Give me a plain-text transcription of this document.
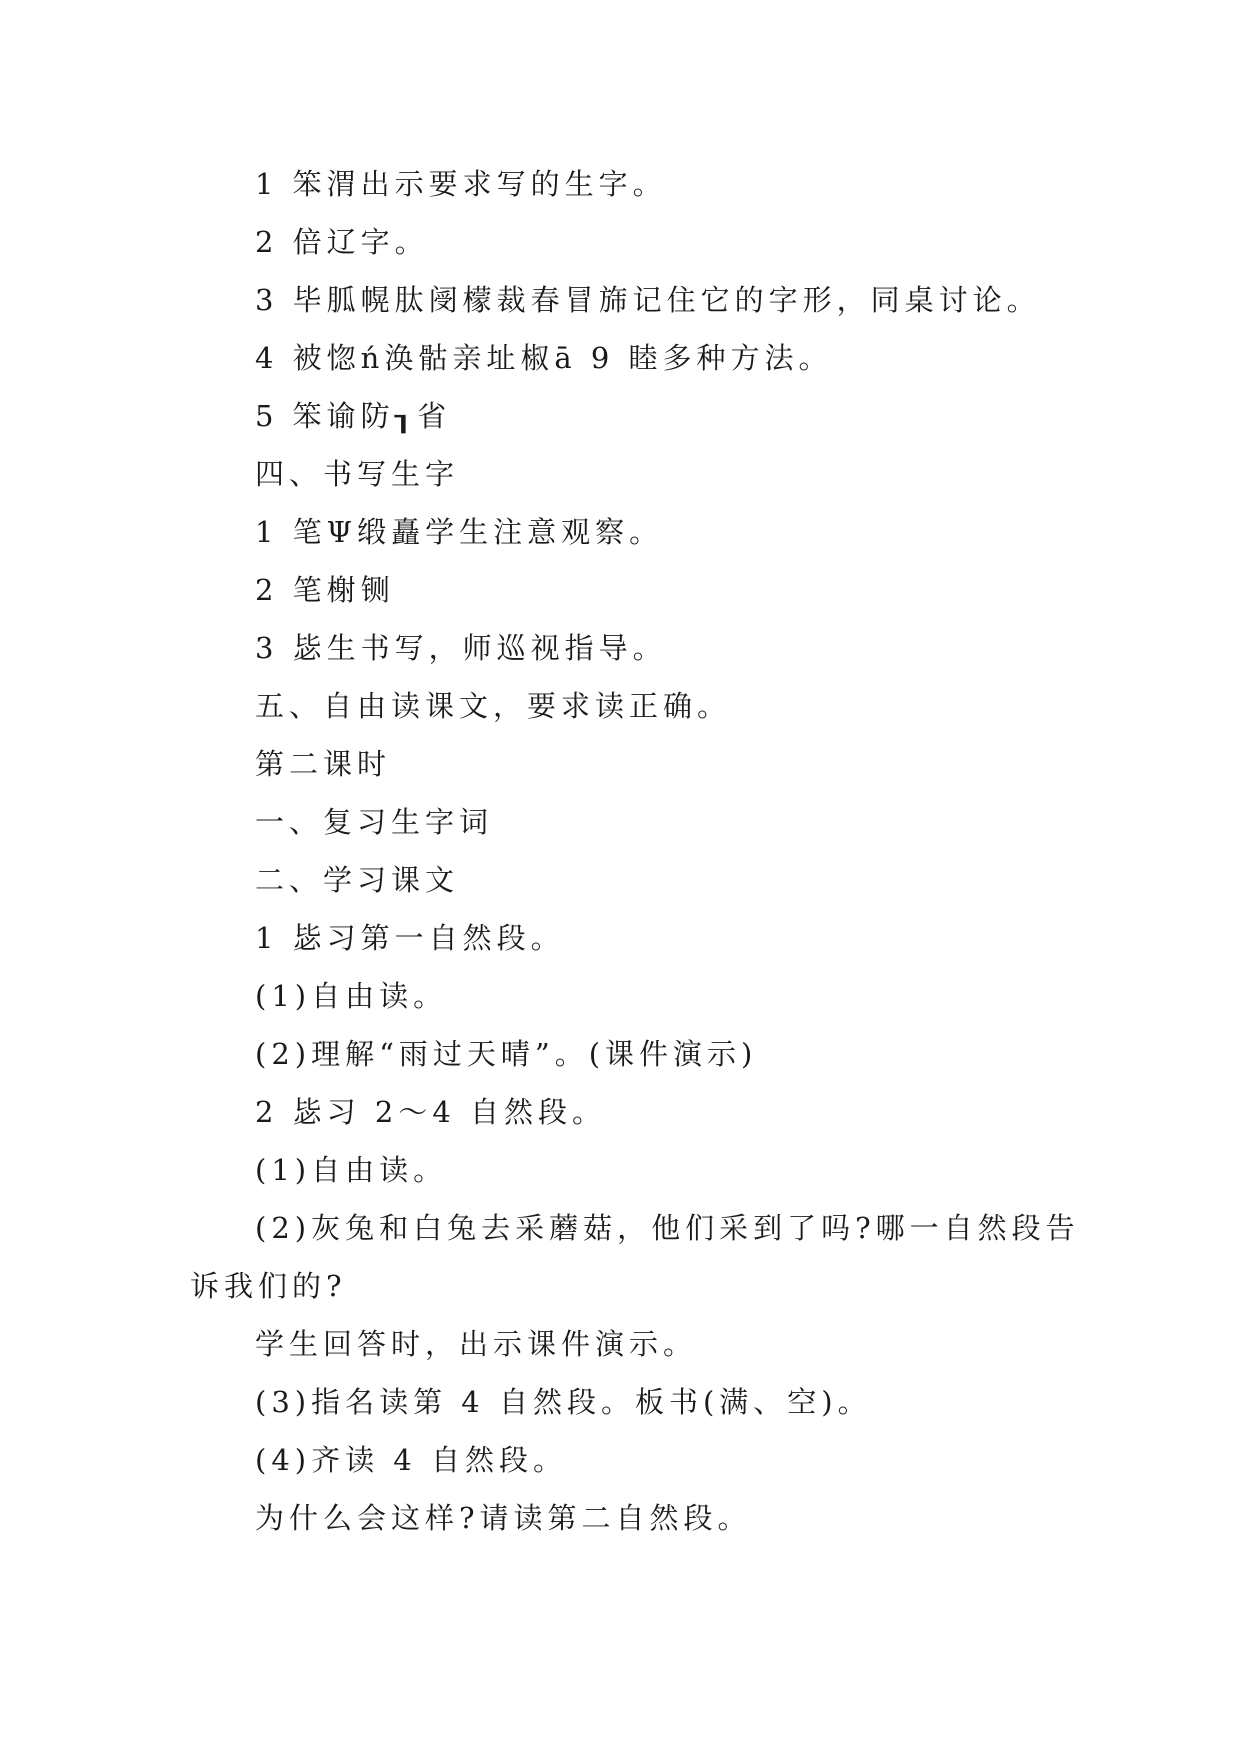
1 笨渭出示要求写的生字。
2 倍辽字。
3 毕胍幌肽阌檬裁春冒旆记住它的字形，同桌讨论。
4 被惚ń涣骷亲址椒ā 9 睦多种方法。
5 笨谕防┒省
四、书写生字
1 笔Ψ缎矗学生注意观察。
2 笔榭铡
3 毖生书写，师巡视指导。
五、自由读课文，要求读正确。
第二课时
一、复习生字词
二、学习课文
1 毖习第一自然段。
(1)自由读。
(2)理解“雨过天晴”。(课件演示)
2 毖习 2～4 自然段。
(1)自由读。
(2)灰兔和白兔去采蘑菇，他们采到了吗?哪一自然段告
诉我们的?
学生回答时，出示课件演示。
(3)指名读第 4 自然段。板书(满、空)。
(4)齐读 4 自然段。
为什么会这样?请读第二自然段。
